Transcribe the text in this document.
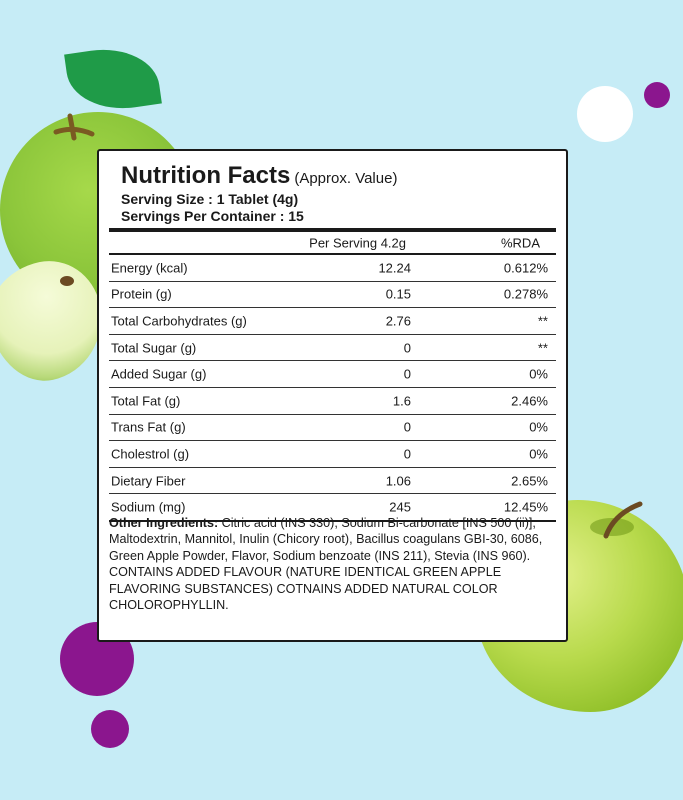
Nutrition Facts (Approx. Value)
Serving Size : 1 Tablet (4g)
Servings Per Container : 15
Per Serving 4.2g	%RDA
Energy (kcal)	12.24	0.612%
Protein (g)	0.15	0.278%
Total Carbohydrates (g)	2.76	**
Total Sugar (g)	0	**
Added Sugar (g)	0	0%
Total Fat (g)	1.6	2.46%
Trans Fat (g)	0	0%
Cholestrol (g)	0	0%
Dietary Fiber	1.06	2.65%
Sodium (mg)	245	12.45%
Other Ingredients: Citric acid (INS 330), Sodium Bi-carbonate [INS 500 (ii)], Maltodextrin, Mannitol, Inulin (Chicory root), Bacillus coagulans GBI-30, 6086, Green Apple Powder, Flavor, Sodium benzoate (INS 211), Stevia (INS 960).
CONTAINS ADDED FLAVOUR (NATURE IDENTICAL GREEN APPLE FLAVORING SUBSTANCES) COTNAINS ADDED NATURAL COLOR CHOLOROPHYLLIN.
